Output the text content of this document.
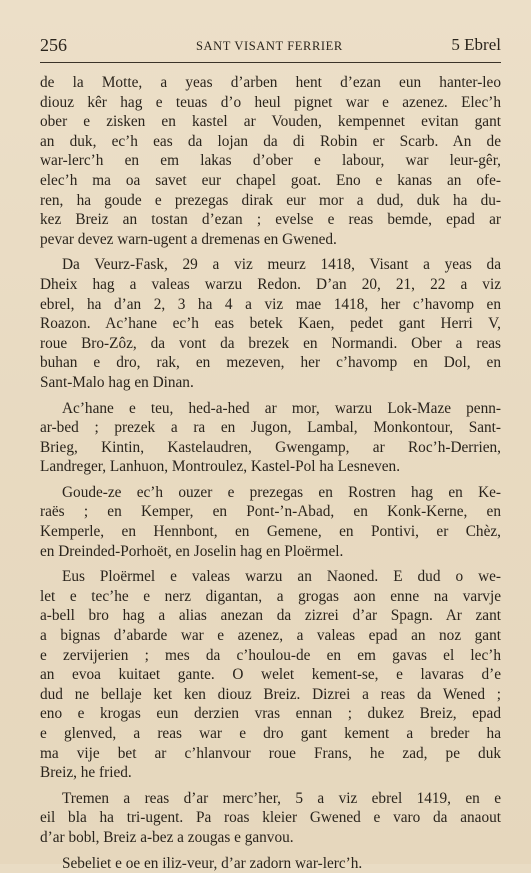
256	SANT VISANT FERRIER	5 Ebrel
de la Motte, a yeas d’arben hent d’ezan eun hanter-leo
diouz kêr hag e teuas d’o heul pignet war e azenez. Elec’h
ober e zisken en kastel ar Vouden, kempennet evitan gant
an duk, ec’h eas da lojan da di Robin er Scarb. An de
war-lerc’h en em lakas d’ober e labour, war leur-gêr,
elec’h ma oa savet eur chapel goat. Eno e kanas an ofe-
ren, ha goude e prezegas dirak eur mor a dud, duk ha du-
kez Breiz an tostan d’ezan ; evelse e reas bemde, epad ar
pevar devez warn-ugent a dremenas en Gwened.
Da Veurz-Fask, 29 a viz meurz 1418, Visant a yeas da
Dheix hag a valeas warzu Redon. D’an 20, 21, 22 a viz
ebrel, ha d’an 2, 3 ha 4 a viz mae 1418, her c’havomp en
Roazon. Ac’hane ec’h eas betek Kaen, pedet gant Herri V,
roue Bro-Zôz, da vont da brezek en Normandi. Ober a reas
buhan e dro, rak, en mezeven, her c’havomp en Dol, en
Sant-Malo hag en Dinan.
Ac’hane e teu, hed-a-hed ar mor, warzu Lok-Maze penn-
ar-bed ; prezek a ra en Jugon, Lambal, Monkontour, Sant-
Brieg, Kintin, Kastelaudren, Gwengamp, ar Roc’h-Derrien,
Landreger, Lanhuon, Montroulez, Kastel-Pol ha Lesneven.
Goude-ze ec’h ouzer e prezegas en Rostren hag en Ke-
raës ; en Kemper, en Pont-’n-Abad, en Konk-Kerne, en
Kemperle, en Hennbont, en Gemene, en Pontivi, er Chèz,
en Dreinded-Porhoët, en Joselin hag en Ploërmel.
Eus Ploërmel e valeas warzu an Naoned. E dud o we-
let e tec’he e nerz digantan, a grogas aon enne na varvje
a-bell bro hag a alias anezan da zizrei d’ar Spagn. Ar zant
a bignas d’abarde war e azenez, a valeas epad an noz gant
e zervijerien ; mes da c’houlou-de en em gavas el lec’h
an evoa kuitaet gante. O welet kement-se, e lavaras d’e
dud ne bellaje ket ken diouz Breiz. Dizrei a reas da Wened ;
eno e krogas eun derzien vras ennan ; dukez Breiz, epad
e glenved, a reas war e dro gant kement a breder ha
ma vije bet ar c’hlanvour roue Frans, he zad, pe duk
Breiz, he fried.
Tremen a reas d’ar merc’her, 5 a viz ebrel 1419, en e
eil bla ha tri-ugent. Pa roas kleier Gwened e varo da anaout
d’ar bobl, Breiz a-bez a zougas e ganvou.
Sebeliet e oe en iliz-veur, d’ar zadorn war-lerc’h.
